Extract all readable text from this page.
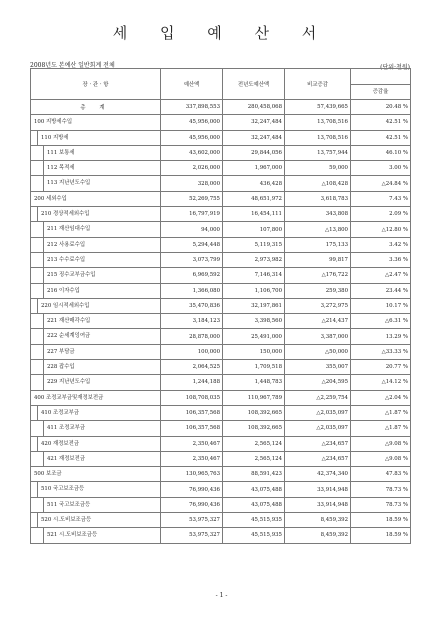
세 입 예 산 서
2008년도 본예산 일반회계 전체	(단위:천원)
장 · 관 · 항	예산액	전년도예산액	비교증감	증감율

총 계	337,898,553	280,458,068	57,439,665	20.48 %

100 지방세수입	45,956,000	32,247,484	13,708,516	42.51 %

110 지방세	45,956,000	32,247,484	13,708,516	42.51 %

111 보통세	43,602,000	29,844,056	13,757,944	46.10 %

112 목적세	2,026,000	1,967,000	59,000	3.00 %

113 지난년도수입	328,000	436,428	△108,428	△24.84 %

200 세외수입	52,269,755	48,651,972	3,618,783	7.43 %

210 경상적세외수입	16,797,919	16,454,111	343,808	2.09 %

211 재산임대수입	94,000	107,800	△13,800	△12.80 %

212 사용료수입	5,294,448	5,119,315	175,133	3.42 %

213 수수료수입	3,073,799	2,973,982	99,817	3.36 %

215 징수교부금수입	6,969,592	7,146,314	△176,722	△2.47 %

216 이자수입	1,366,080	1,106,700	259,380	23.44 %

220 임시적세외수입	35,470,836	32,197,861	3,272,975	10.17 %

221 재산매각수입	3,184,123	3,398,560	△214,437	△6.31 %

222 순세계잉여금	28,878,000	25,491,000	3,387,000	13.29 %

227 부담금	100,000	150,000	△50,000	△33.33 %

228 잡수입	2,064,525	1,709,518	355,007	20.77 %

229 지난년도수입	1,244,188	1,448,783	△204,595	△14.12 %

400 조정교부금및재정보전금	108,708,035	110,967,789	△2,259,754	△2.04 %

410 조정교부금	106,357,568	108,392,665	△2,035,097	△1.87 %

411 조정교부금	106,357,568	108,392,665	△2,035,097	△1.87 %

420 재정보전금	2,350,467	2,565,124	△234,657	△9.08 %

421 재정보전금	2,350,467	2,565,124	△234,657	△9.08 %

500 보조금	130,965,763	88,591,423	42,374,340	47.83 %

510 국고보조금등	76,990,436	43,075,488	33,914,948	78.73 %

511 국고보조금등	76,990,436	43,075,488	33,914,948	78.73 %

520 시.도비보조금등	53,975,327	45,515,935	8,459,392	18.59 %

521 시.도비보조금등	53,975,327	45,515,935	8,459,392	18.59 %
- 1 -
